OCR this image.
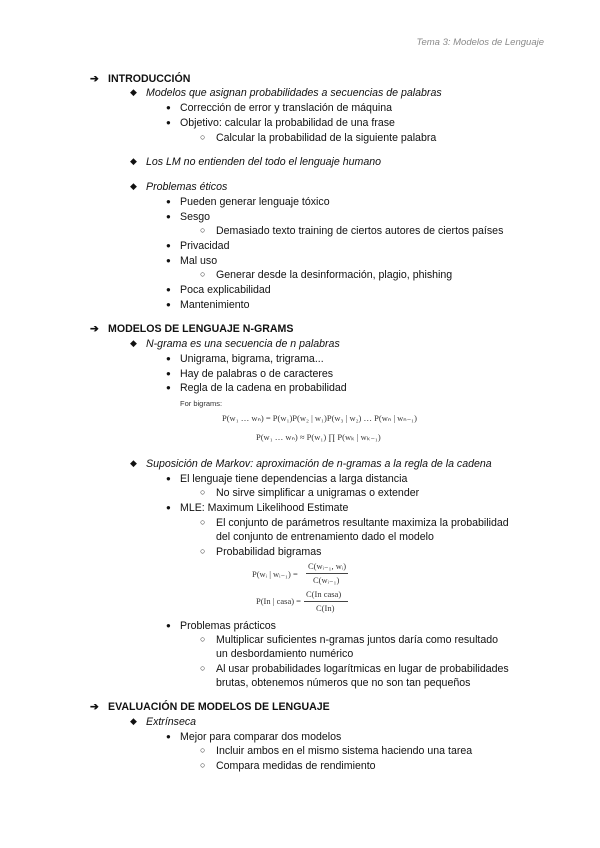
Tema 3: Modelos de Lenguaje
➔ INTRODUCCIÓN
◆ Modelos que asignan probabilidades a secuencias de palabras
● Corrección de error y translación de máquina
● Objetivo: calcular la probabilidad de una frase
○ Calcular la probabilidad de la siguiente palabra
◆ Los LM no entienden del todo el lenguaje humano
◆ Problemas éticos
● Pueden generar lenguaje tóxico
● Sesgo
○ Demasiado texto training de ciertos autores de ciertos países
● Privacidad
● Mal uso
○ Generar desde la desinformación, plagio, phishing
● Poca explicabilidad
● Mantenimiento
➔ MODELOS DE LENGUAJE N-GRAMS
◆ N-grama es una secuencia de n palabras
● Unigrama, bigrama, trigrama...
● Hay de palabras o de caracteres
● Regla de la cadena en probabilidad
For bigrams:
P(w₁ … wₙ) = P(w₁)P(w₂ | w₁)P(w₃ | w₂) … P(wₙ | wₙ₋₁)
P(w₁ … wₙ) ≈ P(w₁) ∏ P(wₖ | wₖ₋₁)
◆ Suposición de Markov: aproximación de n-gramas a la regla de la cadena
● El lenguaje tiene dependencias a larga distancia
○ No sirve simplificar a unigramas o extender
● MLE: Maximum Likelihood Estimate
○ El conjunto de parámetros resultante maximiza la probabilidad
del conjunto de entrenamiento dado el modelo
○ Probabilidad bigramas
P(wᵢ | wᵢ₋₁) =
C(wᵢ₋₁, wᵢ)
C(wᵢ₋₁)
P(In | casa) =
C(In casa)
C(In)
● Problemas prácticos
○ Multiplicar suficientes n-gramas juntos daría como resultado
un desbordamiento numérico
○ Al usar probabilidades logarítmicas en lugar de probabilidades
brutas, obtenemos números que no son tan pequeños
➔ EVALUACIÓN DE MODELOS DE LENGUAJE
◆ Extrínseca
● Mejor para comparar dos modelos
○ Incluir ambos en el mismo sistema haciendo una tarea
○ Compara medidas de rendimiento
